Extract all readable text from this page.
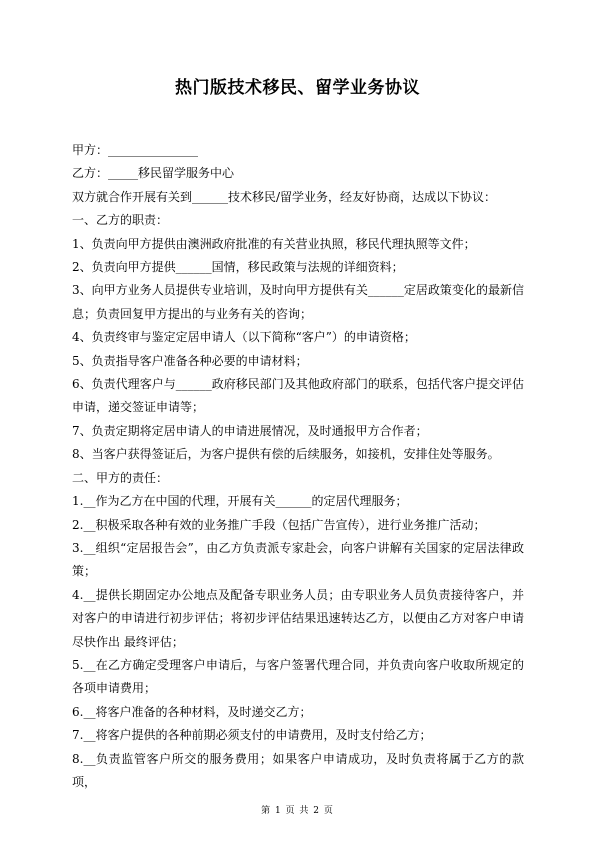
热门版技术移民、留学业务协议

甲方：_______________

乙方：_____移民留学服务中心

双方就合作开展有关到______技术移民/留学业务，经友好协商，达成以下协议：

一、乙方的职责：

1、负责向甲方提供由澳洲政府批准的有关营业执照，移民代理执照等文件；

2、负责向甲方提供______国情，移民政策与法规的详细资料；

3、向甲方业务人员提供专业培训，及时向甲方提供有关______定居政策变化的最新信息；负责回复甲方提出的与业务有关的咨询；

4、负责终审与鉴定定居申请人（以下简称“客户”）的申请资格；

5、负责指导客户准备各种必要的申请材料；

6、负责代理客户与______政府移民部门及其他政府部门的联系，包括代客户提交评估申请，递交签证申请等；

7、负责定期将定居申请人的申请进展情况，及时通报甲方合作者；

8、当客户获得签证后，为客户提供有偿的后续服务，如接机，安排住处等服务。

二、甲方的责任：

1.__作为乙方在中国的代理，开展有关______的定居代理服务；

2.__积极采取各种有效的业务推广手段（包括广告宣传），进行业务推广活动；

3.__组织“定居报告会”，由乙方负责派专家赴会，向客户讲解有关国家的定居法律政策；

4.__提供长期固定办公地点及配备专职业务人员；由专职业务人员负责接待客户，并对客户的申请进行初步评估；将初步评估结果迅速转达乙方，以便由乙方对客户申请尽快作出 最终评估；

5.__在乙方确定受理客户申请后，与客户签署代理合同，并负责向客户收取所规定的各项申请费用；

6.__将客户准备的各种材料，及时递交乙方；

7.__将客户提供的各种前期必须支付的申请费用，及时支付给乙方；

8.__负责监管客户所交的服务费用；如果客户申请成功，及时负责将属于乙方的款项，

第 1 页 共 2 页
